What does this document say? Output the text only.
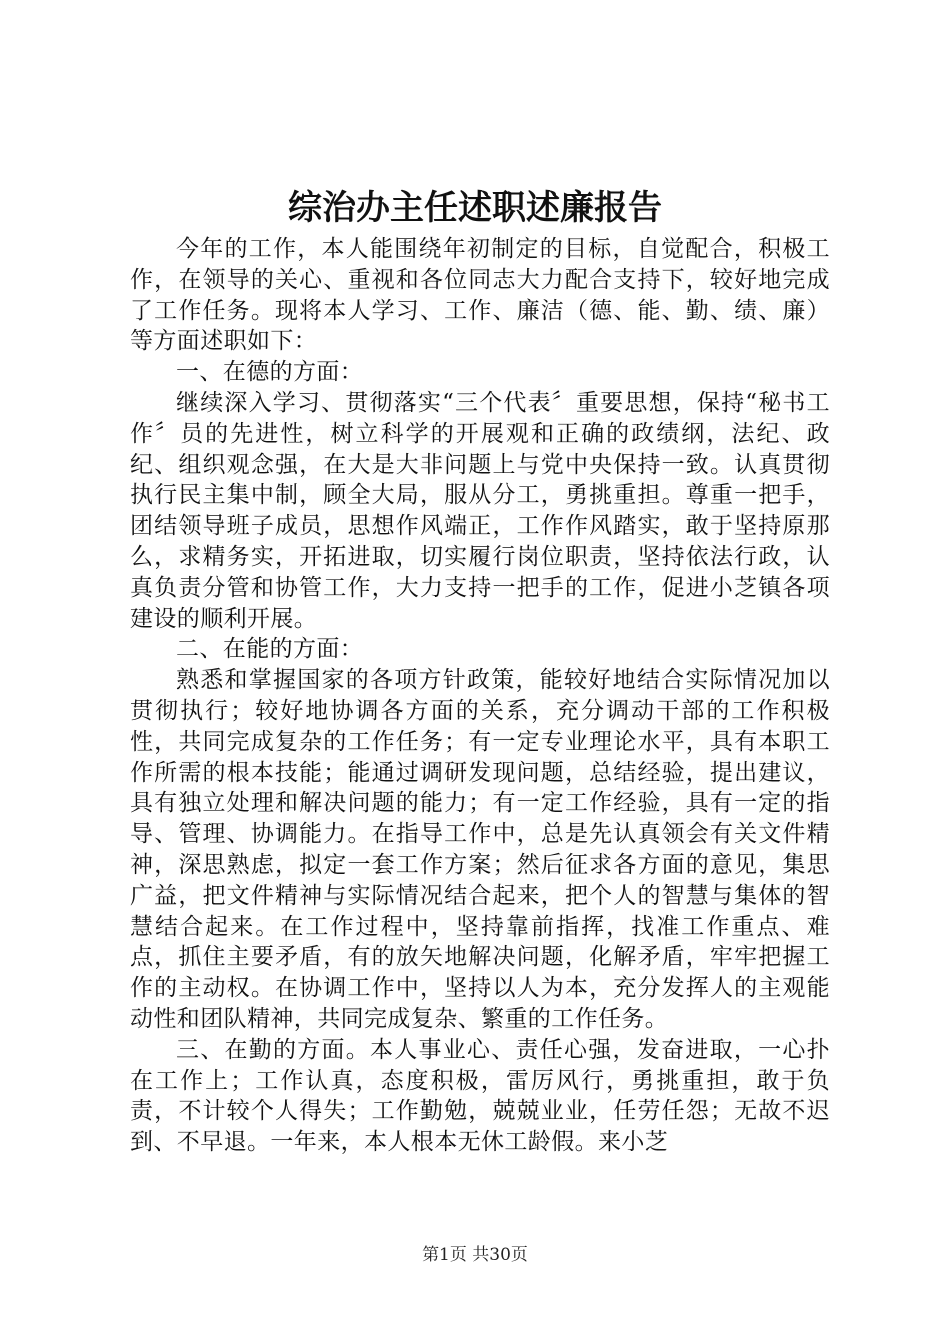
综治办主任述职述廉报告

今年的工作，本人能围绕年初制定的目标，自觉配合，积极工作，在领导的关心、重视和各位同志大力配合支持下，较好地完成了工作任务。现将本人学习、工作、廉洁（德、能、勤、绩、廉）等方面述职如下：

一、在德的方面：

继续深入学习、贯彻落实“三个代表〞重要思想，保持“秘书工作〞员的先进性，树立科学的开展观和正确的政绩纲，法纪、政纪、组织观念强，在大是大非问题上与党中央保持一致。认真贯彻执行民主集中制，顾全大局，服从分工，勇挑重担。尊重一把手，团结领导班子成员，思想作风端正，工作作风踏实，敢于坚持原那么，求精务实，开拓进取，切实履行岗位职责，坚持依法行政，认真负责分管和协管工作，大力支持一把手的工作，促进小芝镇各项建设的顺利开展。

二、在能的方面：

熟悉和掌握国家的各项方针政策，能较好地结合实际情况加以贯彻执行；较好地协调各方面的关系，充分调动干部的工作积极性，共同完成复杂的工作任务；有一定专业理论水平，具有本职工作所需的根本技能；能通过调研发现问题，总结经验，提出建议，具有独立处理和解决问题的能力；有一定工作经验，具有一定的指导、管理、协调能力。在指导工作中，总是先认真领会有关文件精神，深思熟虑，拟定一套工作方案；然后征求各方面的意见，集思广益，把文件精神与实际情况结合起来，把个人的智慧与集体的智慧结合起来。在工作过程中，坚持靠前指挥，找准工作重点、难点，抓住主要矛盾，有的放矢地解决问题，化解矛盾，牢牢把握工作的主动权。在协调工作中，坚持以人为本，充分发挥人的主观能动性和团队精神，共同完成复杂、繁重的工作任务。

三、在勤的方面。本人事业心、责任心强，发奋进取，一心扑在工作上；工作认真，态度积极，雷厉风行，勇挑重担，敢于负责，不计较个人得失；工作勤勉，兢兢业业，任劳任怨；无故不迟到、不早退。一年来，本人根本无休工龄假。来小芝

第1页 共30页
